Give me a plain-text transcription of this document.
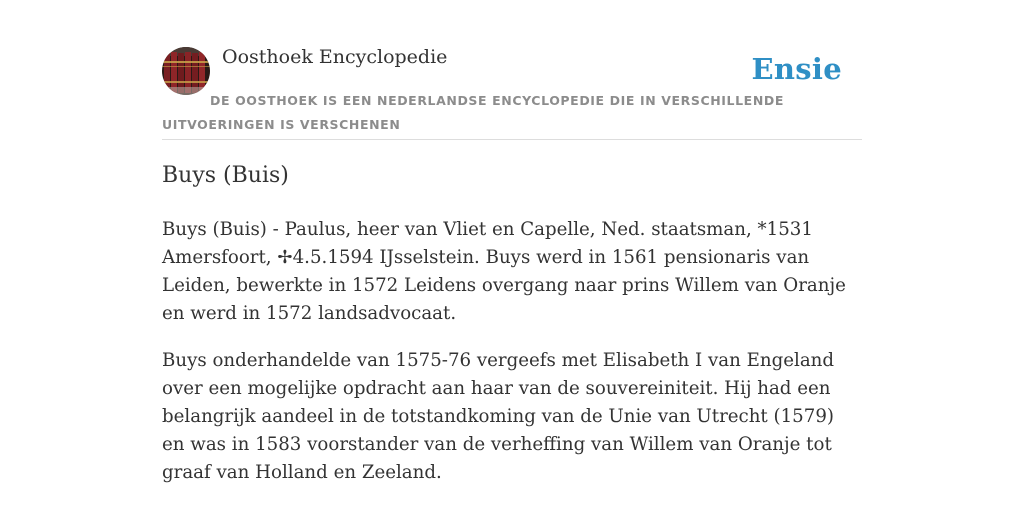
Oosthoek Encyclopedie	Ensie
DE OOSTHOEK IS EEN NEDERLANDSE ENCYCLOPEDIE DIE IN VERSCHILLENDE UITVOERINGEN IS VERSCHENEN
Buys (Buis)

Buys (Buis) - Paulus, heer van Vliet en Capelle, Ned. staatsman, *1531 Amersfoort, ✢4.5.1594 IJsselstein. Buys werd in 1561 pensionaris van Leiden, bewerkte in 1572 Leidens overgang naar prins Willem van Oranje en werd in 1572 landsadvocaat.

Buys onderhandelde van 1575-76 vergeefs met Elisabeth I van Engeland over een mogelijke opdracht aan haar van de souvereiniteit. Hij had een belangrijk aandeel in de totstandkoming van de Unie van Utrecht (1579) en was in 1583 voorstander van de verheffing van Willem van Oranje tot graaf van Holland en Zeeland.
